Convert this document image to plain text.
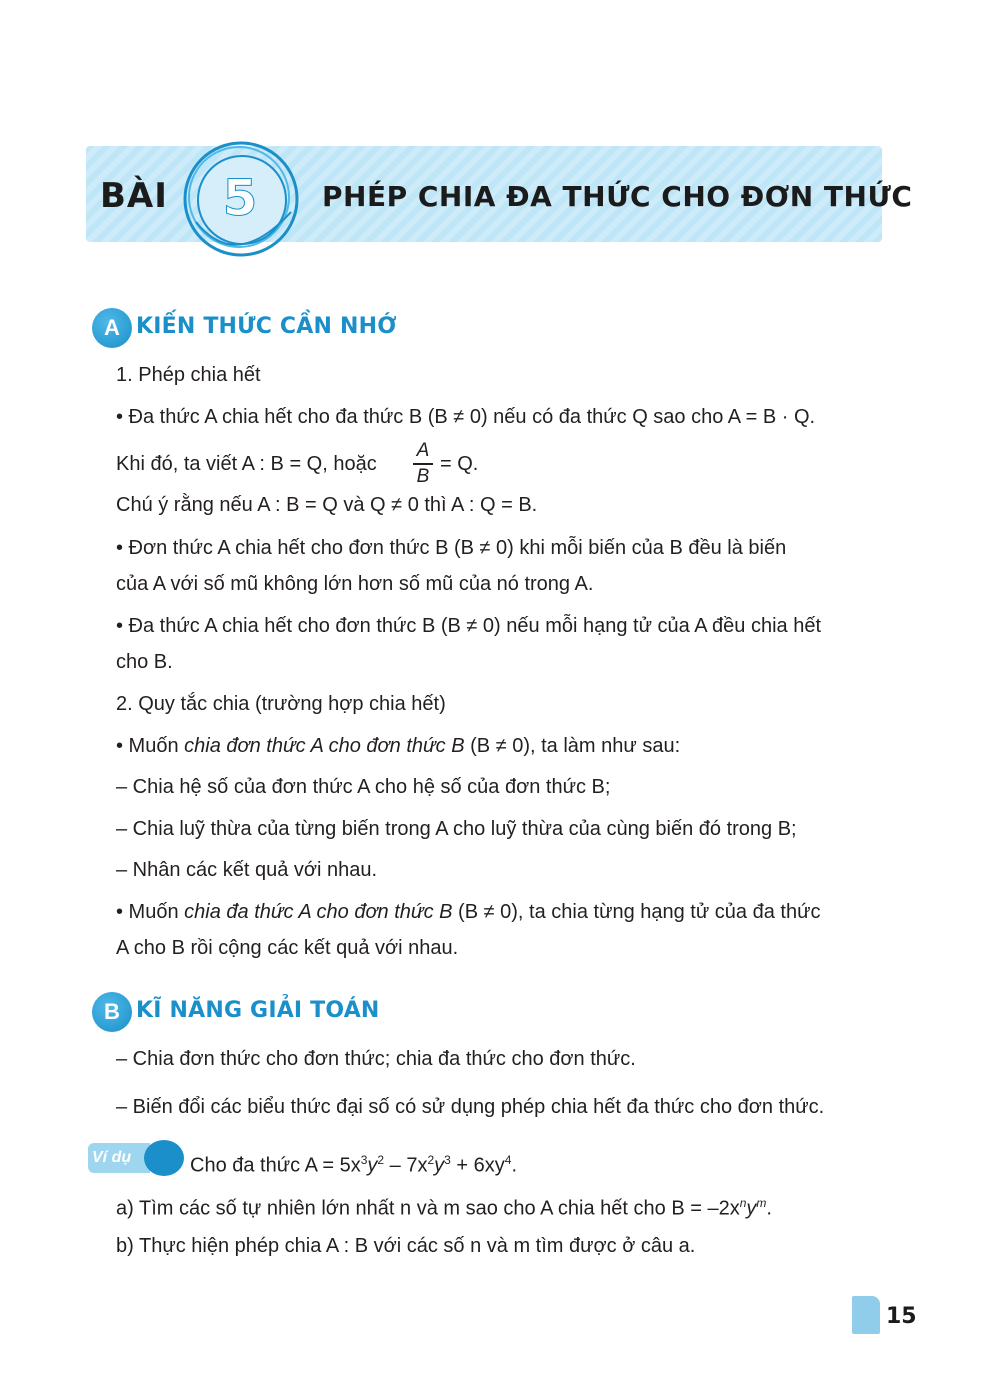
BÀI 5	PHÉP CHIA ĐA THỨC CHO ĐƠN THỨC
A KIẾN THỨC CẦN NHỚ
1. Phép chia hết
• Đa thức A chia hết cho đa thức B (B ≠ 0) nếu có đa thức Q sao cho A = B · Q.
Khi đó, ta viết A : B = Q, hoặc
A
B
= Q.
Chú ý rằng nếu A : B = Q và Q ≠ 0 thì A : Q = B.
• Đơn thức A chia hết cho đơn thức B (B ≠ 0) khi mỗi biến của B đều là biến
của A với số mũ không lớn hơn số mũ của nó trong A.
• Đa thức A chia hết cho đơn thức B (B ≠ 0) nếu mỗi hạng tử của A đều chia hết
cho B.
2. Quy tắc chia (trường hợp chia hết)
• Muốn chia đơn thức A cho đơn thức B (B ≠ 0), ta làm như sau:
– Chia hệ số của đơn thức A cho hệ số của đơn thức B;
– Chia luỹ thừa của từng biến trong A cho luỹ thừa của cùng biến đó trong B;
– Nhân các kết quả với nhau.
• Muốn chia đa thức A cho đơn thức B (B ≠ 0), ta chia từng hạng tử của đa thức
A cho B rồi cộng các kết quả với nhau.
B KĨ NĂNG GIẢI TOÁN
– Chia đơn thức cho đơn thức; chia đa thức cho đơn thức.
– Biến đổi các biểu thức đại số có sử dụng phép chia hết đa thức cho đơn thức.
Ví dụ	Cho đa thức $A = 5x^3y^2 - 7x^2y^3 + 6xy^4$.
a) Tìm các số tự nhiên lớn nhất n và m sao cho A chia hết cho $B = -2x^ny^m$.
b) Thực hiện phép chia A : B với các số n và m tìm được ở câu a.
15
